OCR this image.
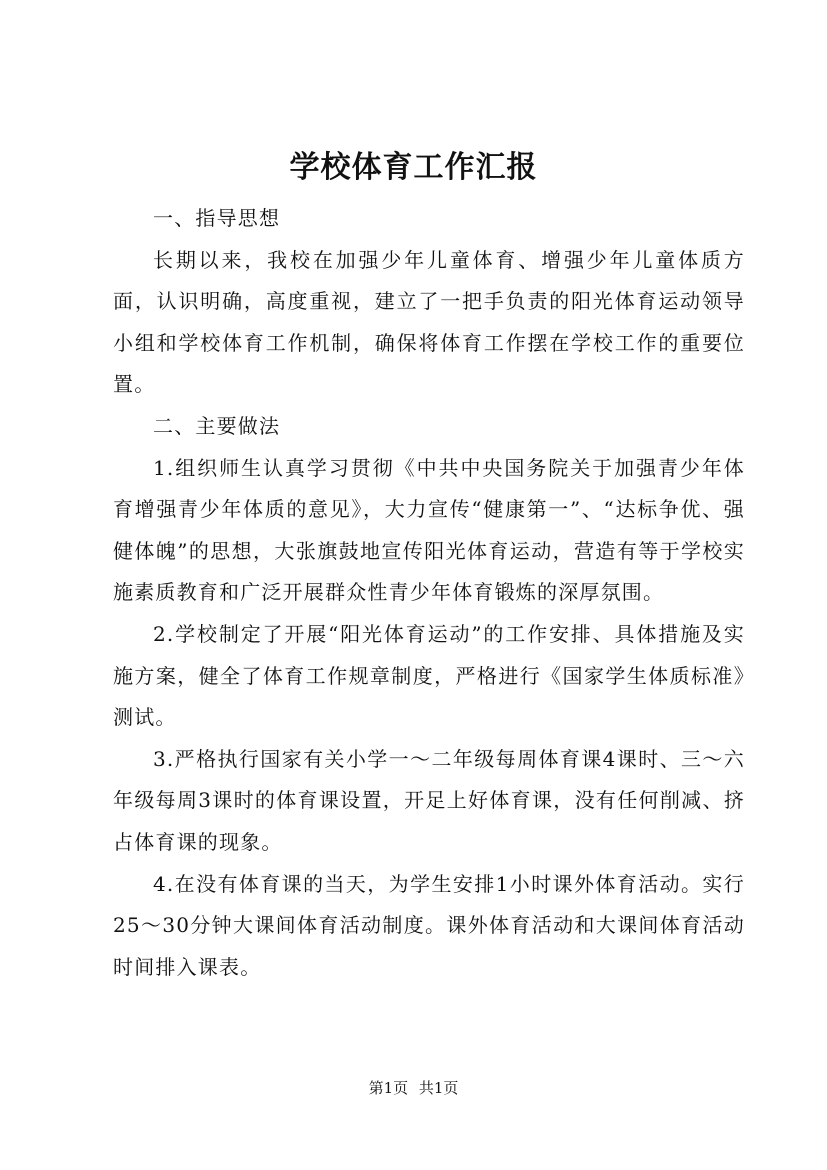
学校体育工作汇报

一、指导思想

长期以来，我校在加强少年儿童体育、增强少年儿童体质方面，认识明确，高度重视，建立了一把手负责的阳光体育运动领导小组和学校体育工作机制，确保将体育工作摆在学校工作的重要位置。

二、主要做法

1.组织师生认真学习贯彻《中共中央国务院关于加强青少年体育增强青少年体质的意见》，大力宣传“健康第一”、“达标争优、强健体魄”的思想，大张旗鼓地宣传阳光体育运动，营造有等于学校实施素质教育和广泛开展群众性青少年体育锻炼的深厚氛围。

2.学校制定了开展“阳光体育运动”的工作安排、具体措施及实施方案，健全了体育工作规章制度，严格进行《国家学生体质标准》测试。

3.严格执行国家有关小学一～二年级每周体育课4课时、三～六年级每周3课时的体育课设置，开足上好体育课，没有任何削减、挤占体育课的现象。

4.在没有体育课的当天，为学生安排1小时课外体育活动。实行25～30分钟大课间体育活动制度。课外体育活动和大课间体育活动时间排入课表。

第1页 共1页
